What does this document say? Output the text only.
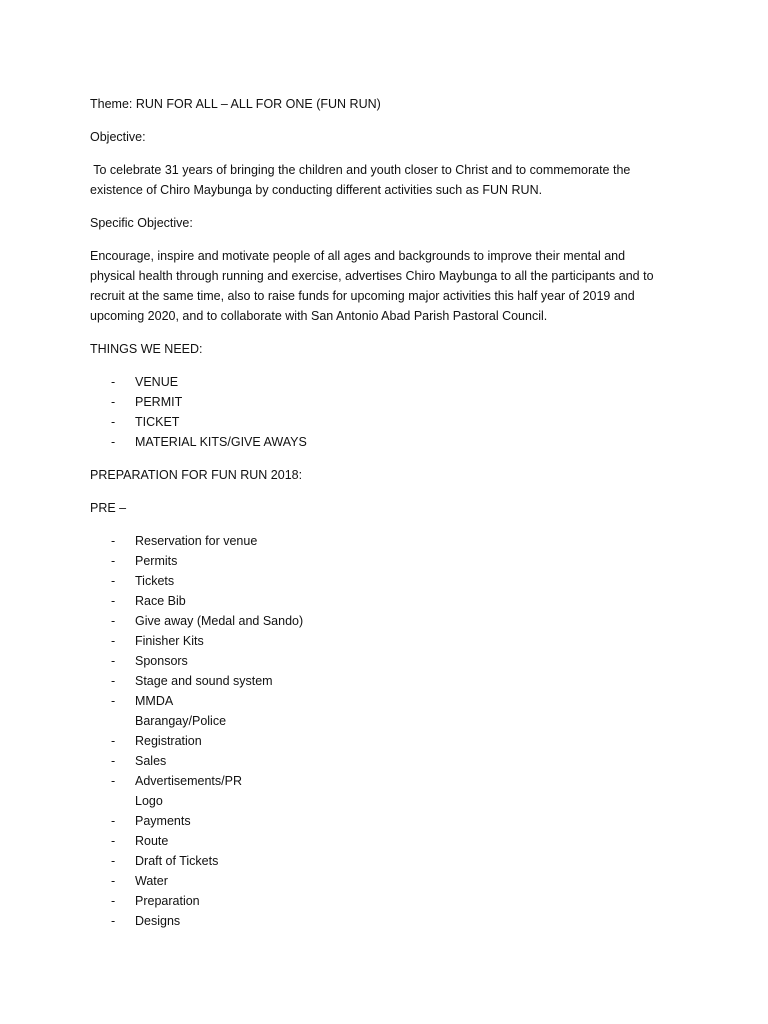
Theme: RUN FOR ALL – ALL FOR ONE (FUN RUN)
Objective:
To celebrate 31 years of bringing the children and youth closer to Christ and to commemorate the
existence of Chiro Maybunga by conducting different activities such as FUN RUN.
Specific Objective:
Encourage, inspire and motivate people of all ages and backgrounds to improve their mental and
physical health through running and exercise, advertises Chiro Maybunga to all the participants and to
recruit at the same time, also to raise funds for upcoming major activities this half year of 2019 and
upcoming 2020, and to collaborate with San Antonio Abad Parish Pastoral Council.
THINGS WE NEED:
- VENUE
- PERMIT
- TICKET
- MATERIAL KITS/GIVE AWAYS
PREPARATION FOR FUN RUN 2018:
PRE –
- Reservation for venue
- Permits
- Tickets
- Race Bib
- Give away (Medal and Sando)
- Finisher Kits
- Sponsors
- Stage and sound system
- MMDA
Barangay/Police
- Registration
- Sales
- Advertisements/PR
Logo
- Payments
- Route
- Draft of Tickets
- Water
- Preparation
- Designs
